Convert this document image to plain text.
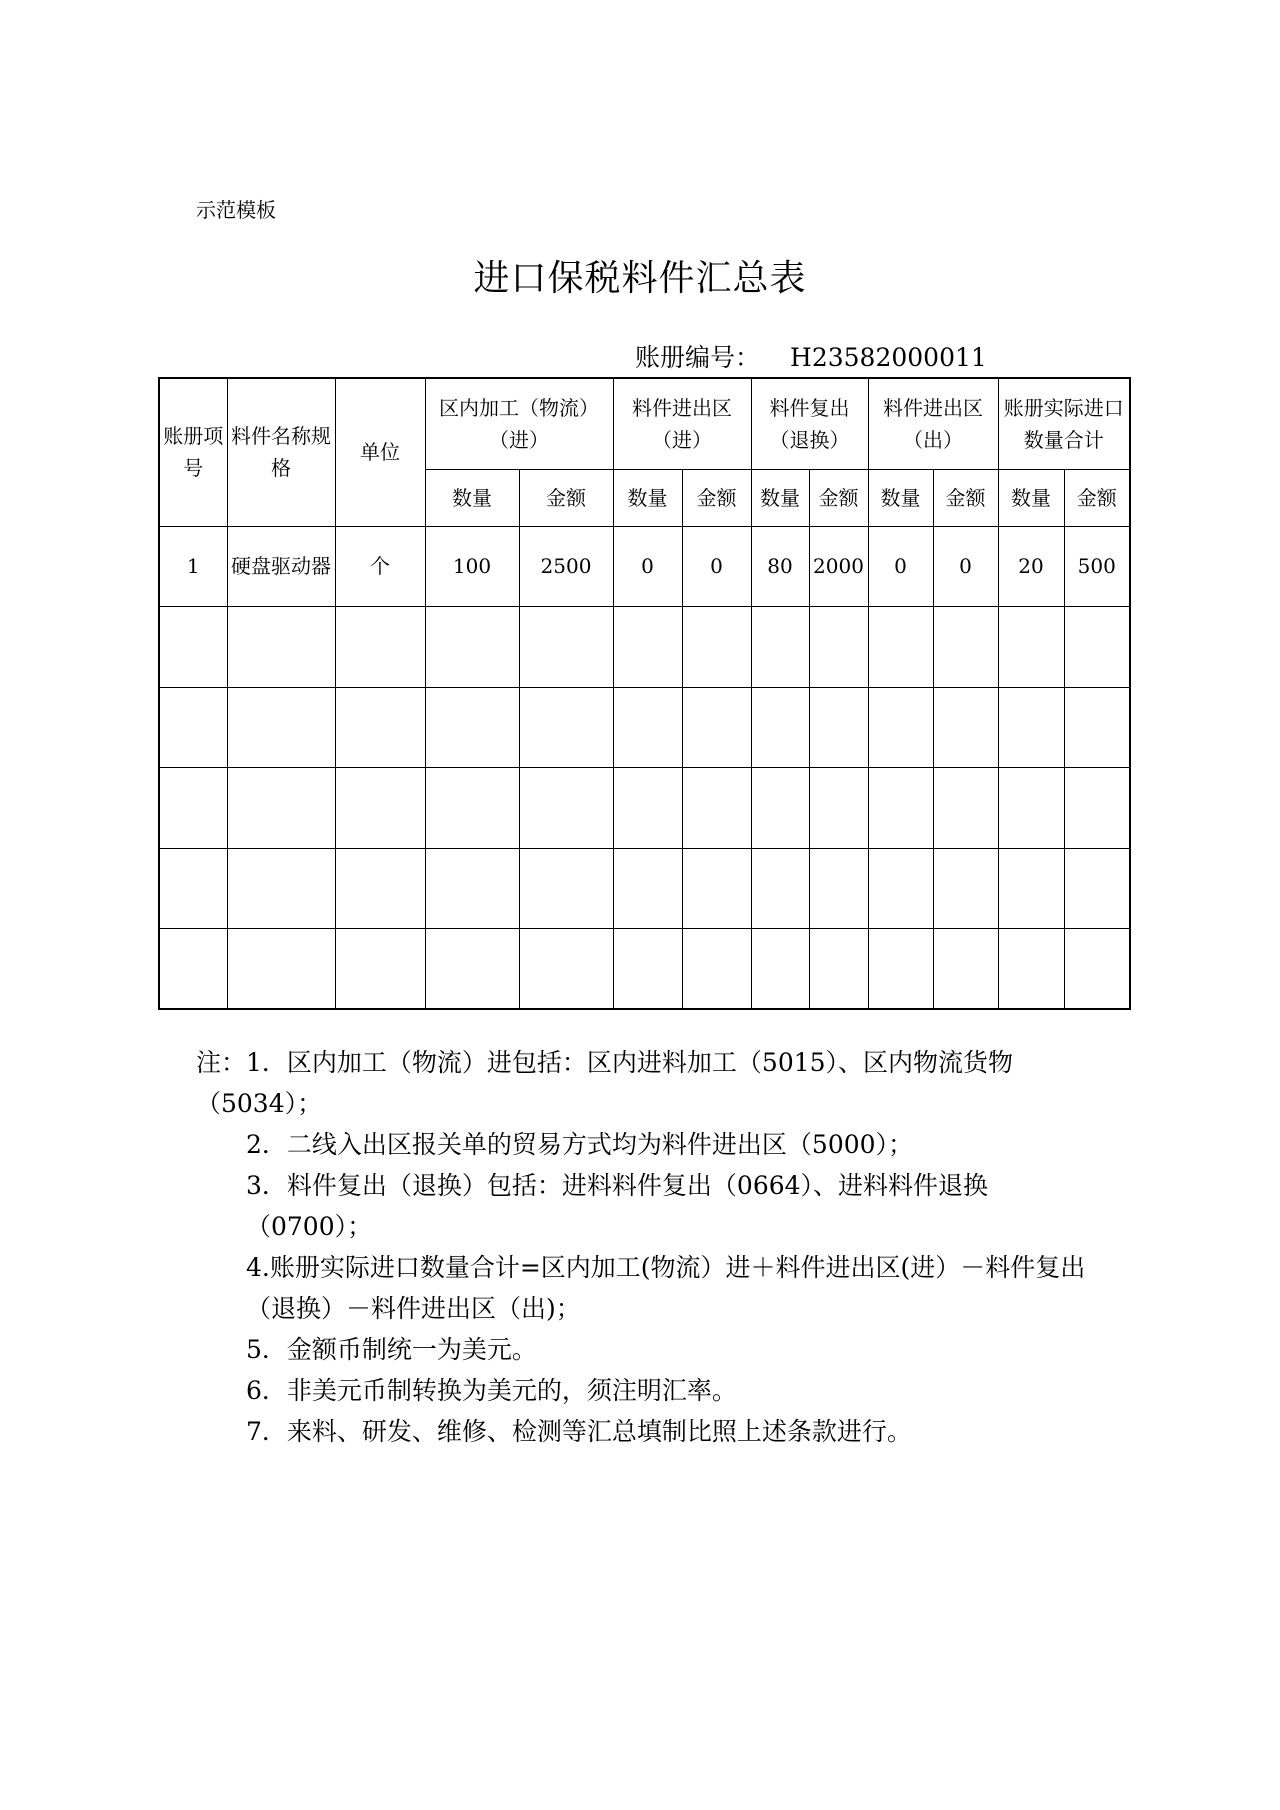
示范模板
进口保税料件汇总表
账册编号： H23582000011
账册项号	料件名称规格	单位	区内加工（物流）（进）		料件进出区（进）		料件复出（退换）		料件进出区（出）		账册实际进口数量合计	
			数量	金额	数量	金额	数量	金额	数量	金额	数量	金额
1	硬盘驱动器	个	100	2500	0	0	80	2000	0	0	20	500

注：1．区内加工（物流）进包括：区内进料加工（5015）、区内物流货物（5034）；

2．二线入出区报关单的贸易方式均为料件进出区（5000）；

3．料件复出（退换）包括：进料料件复出（0664）、进料料件退换（0700）；

4.账册实际进口数量合计=区内加工(物流）进＋料件进出区(进）－料件复出（退换）－料件进出区（出)；

5．金额币制统一为美元。

6．非美元币制转换为美元的，须注明汇率。

7．来料、研发、维修、检测等汇总填制比照上述条款进行。
